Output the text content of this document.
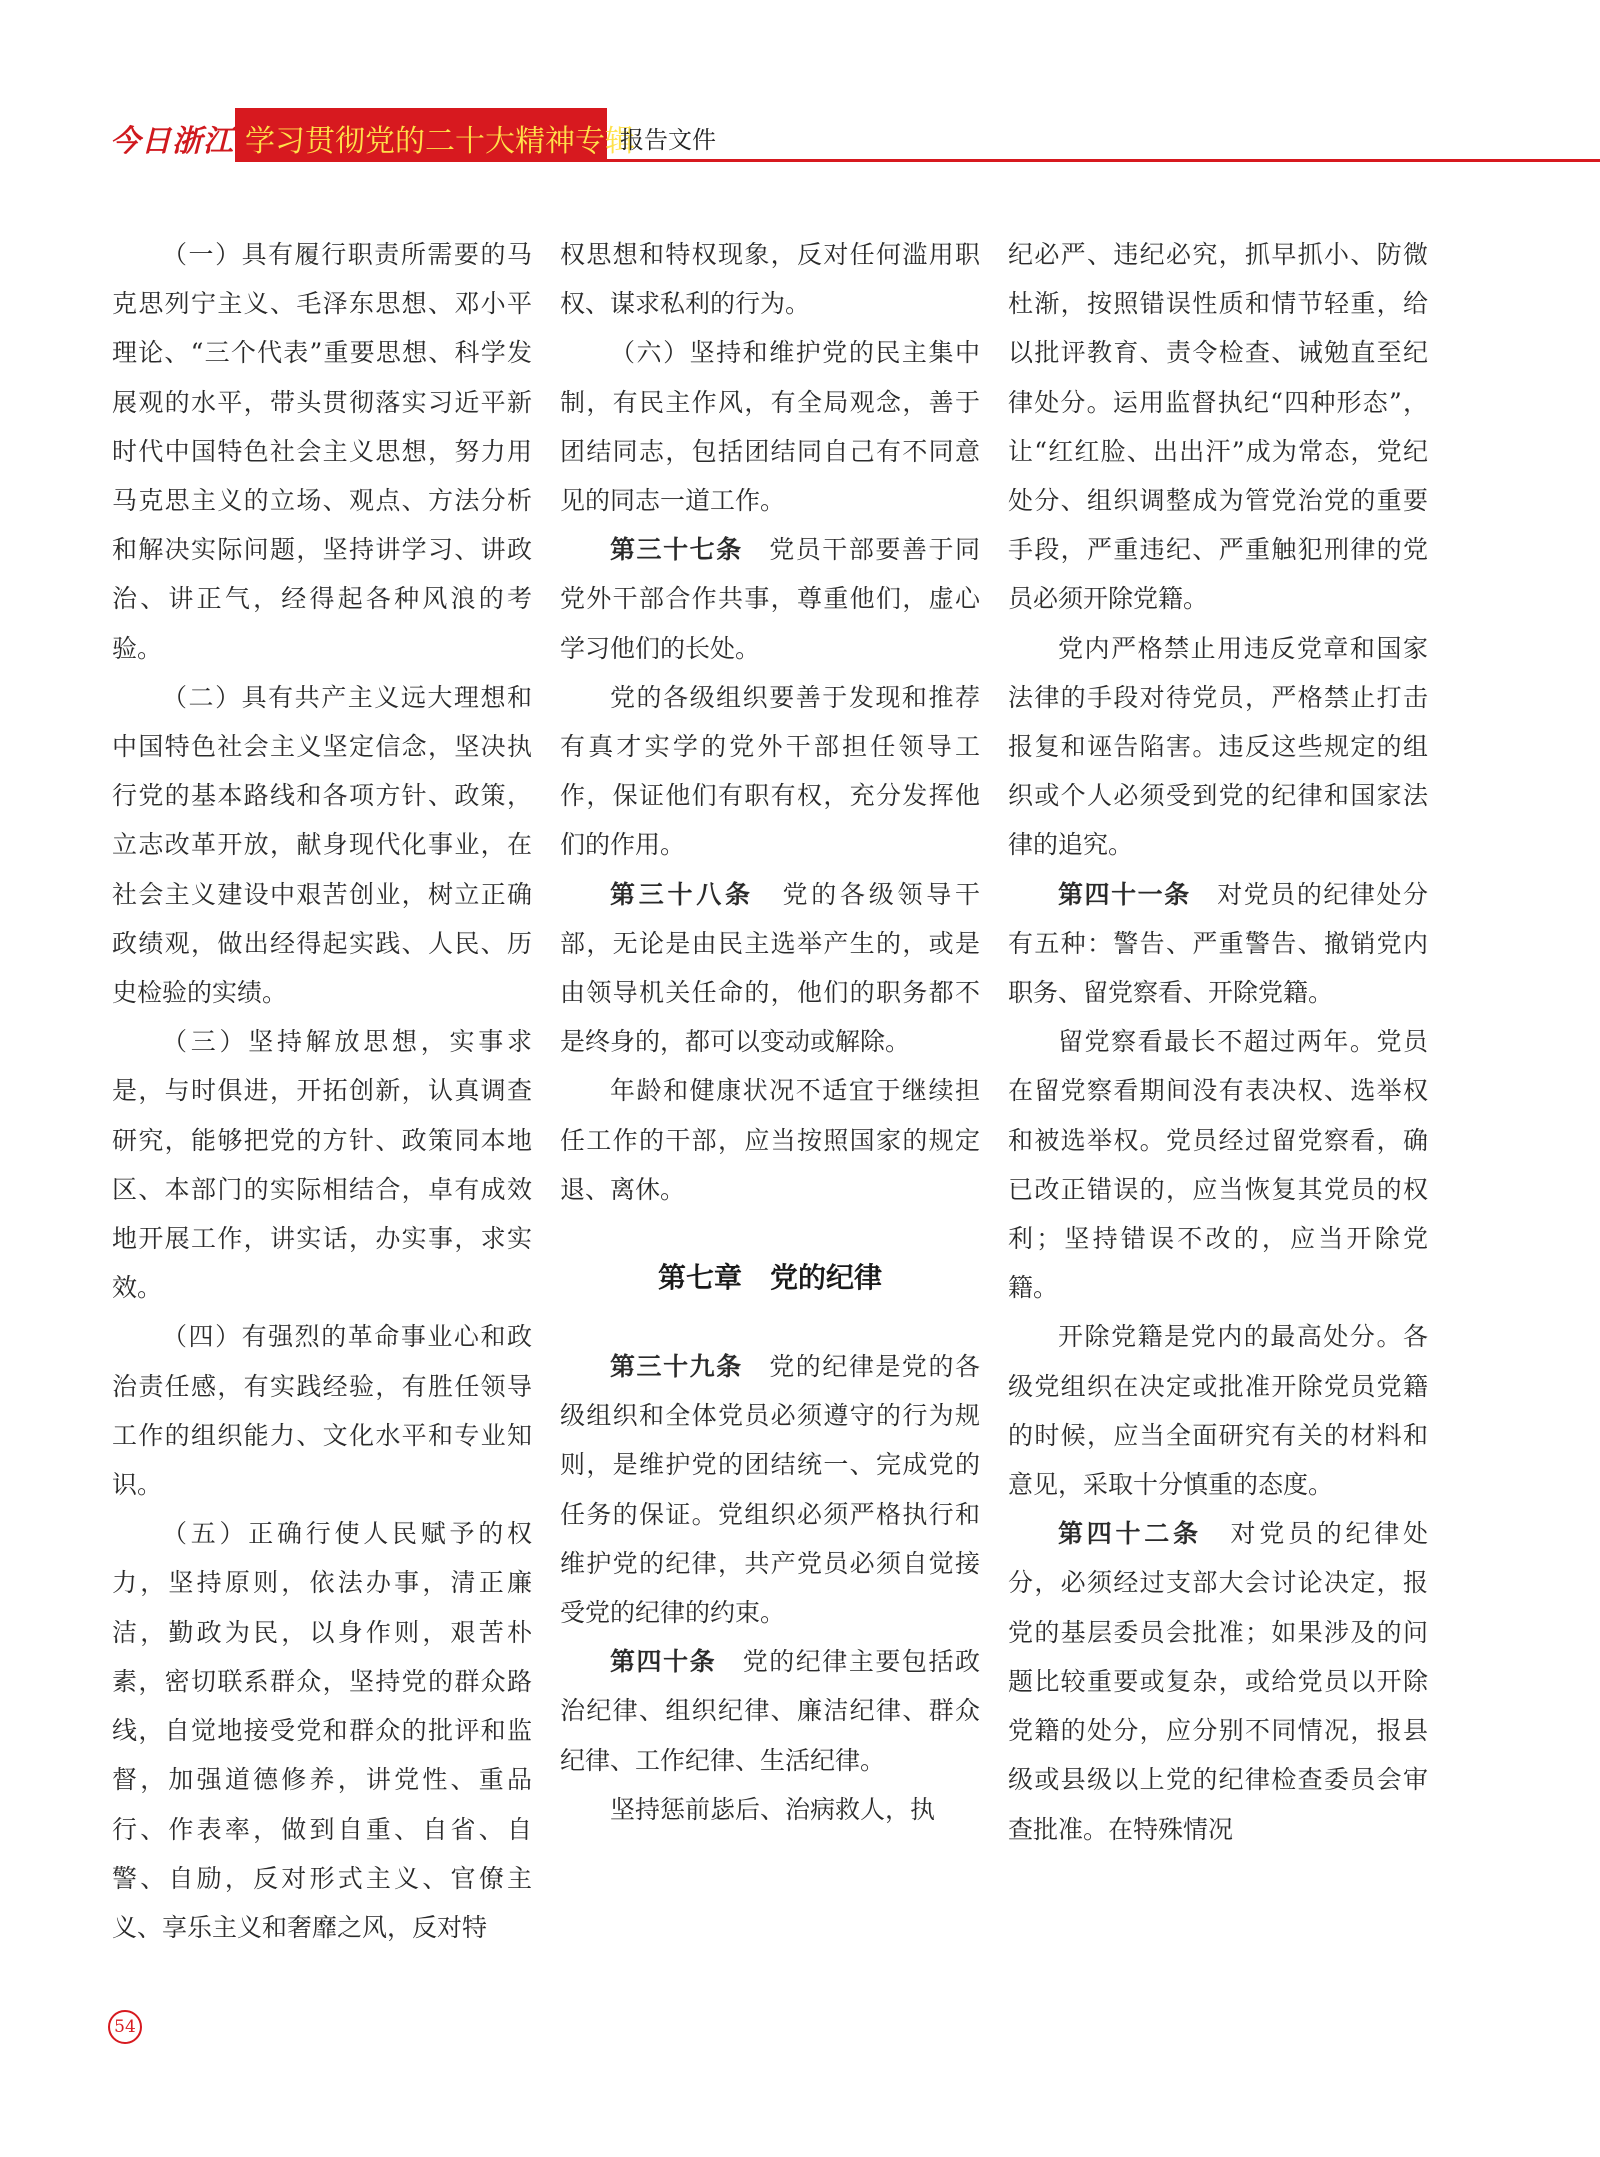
今日浙江 学习贯彻党的二十大精神专辑
报告文件

（一）具有履行职责所需要的马克思列宁主义、毛泽东思想、邓小平理论、“三个代表”重要思想、科学发展观的水平，带头贯彻落实习近平新时代中国特色社会主义思想，努力用马克思主义的立场、观点、方法分析和解决实际问题，坚持讲学习、讲政治、讲正气，经得起各种风浪的考验。

（二）具有共产主义远大理想和中国特色社会主义坚定信念，坚决执行党的基本路线和各项方针、政策，立志改革开放，献身现代化事业，在社会主义建设中艰苦创业，树立正确政绩观，做出经得起实践、人民、历史检验的实绩。

（三）坚持解放思想，实事求是，与时俱进，开拓创新，认真调查研究，能够把党的方针、政策同本地区、本部门的实际相结合，卓有成效地开展工作，讲实话，办实事，求实效。

（四）有强烈的革命事业心和政治责任感，有实践经验，有胜任领导工作的组织能力、文化水平和专业知识。

（五）正确行使人民赋予的权力，坚持原则，依法办事，清正廉洁，勤政为民，以身作则，艰苦朴素，密切联系群众，坚持党的群众路线，自觉地接受党和群众的批评和监督，加强道德修养，讲党性、重品行、作表率，做到自重、自省、自警、自励，反对形式主义、官僚主义、享乐主义和奢靡之风，反对特

权思想和特权现象，反对任何滥用职权、谋求私利的行为。

（六）坚持和维护党的民主集中制，有民主作风，有全局观念，善于团结同志，包括团结同自己有不同意见的同志一道工作。

第三十七条  党员干部要善于同党外干部合作共事，尊重他们，虚心学习他们的长处。

党的各级组织要善于发现和推荐有真才实学的党外干部担任领导工作，保证他们有职有权，充分发挥他们的作用。

第三十八条  党的各级领导干部，无论是由民主选举产生的，或是由领导机关任命的，他们的职务都不是终身的，都可以变动或解除。

年龄和健康状况不适宜于继续担任工作的干部，应当按照国家的规定退、离休。

第七章　党的纪律

第三十九条  党的纪律是党的各级组织和全体党员必须遵守的行为规则，是维护党的团结统一、完成党的任务的保证。党组织必须严格执行和维护党的纪律，共产党员必须自觉接受党的纪律的约束。

第四十条  党的纪律主要包括政治纪律、组织纪律、廉洁纪律、群众纪律、工作纪律、生活纪律。

坚持惩前毖后、治病救人，执

纪必严、违纪必究，抓早抓小、防微杜渐，按照错误性质和情节轻重，给以批评教育、责令检查、诫勉直至纪律处分。运用监督执纪“四种形态”，让“红红脸、出出汗”成为常态，党纪处分、组织调整成为管党治党的重要手段，严重违纪、严重触犯刑律的党员必须开除党籍。

党内严格禁止用违反党章和国家法律的手段对待党员，严格禁止打击报复和诬告陷害。违反这些规定的组织或个人必须受到党的纪律和国家法律的追究。

第四十一条  对党员的纪律处分有五种：警告、严重警告、撤销党内职务、留党察看、开除党籍。

留党察看最长不超过两年。党员在留党察看期间没有表决权、选举权和被选举权。党员经过留党察看，确已改正错误的，应当恢复其党员的权利；坚持错误不改的，应当开除党籍。

开除党籍是党内的最高处分。各级党组织在决定或批准开除党员党籍的时候，应当全面研究有关的材料和意见，采取十分慎重的态度。

第四十二条  对党员的纪律处分，必须经过支部大会讨论决定，报党的基层委员会批准；如果涉及的问题比较重要或复杂，或给党员以开除党籍的处分，应分别不同情况，报县级或县级以上党的纪律检查委员会审查批准。在特殊情况

54
